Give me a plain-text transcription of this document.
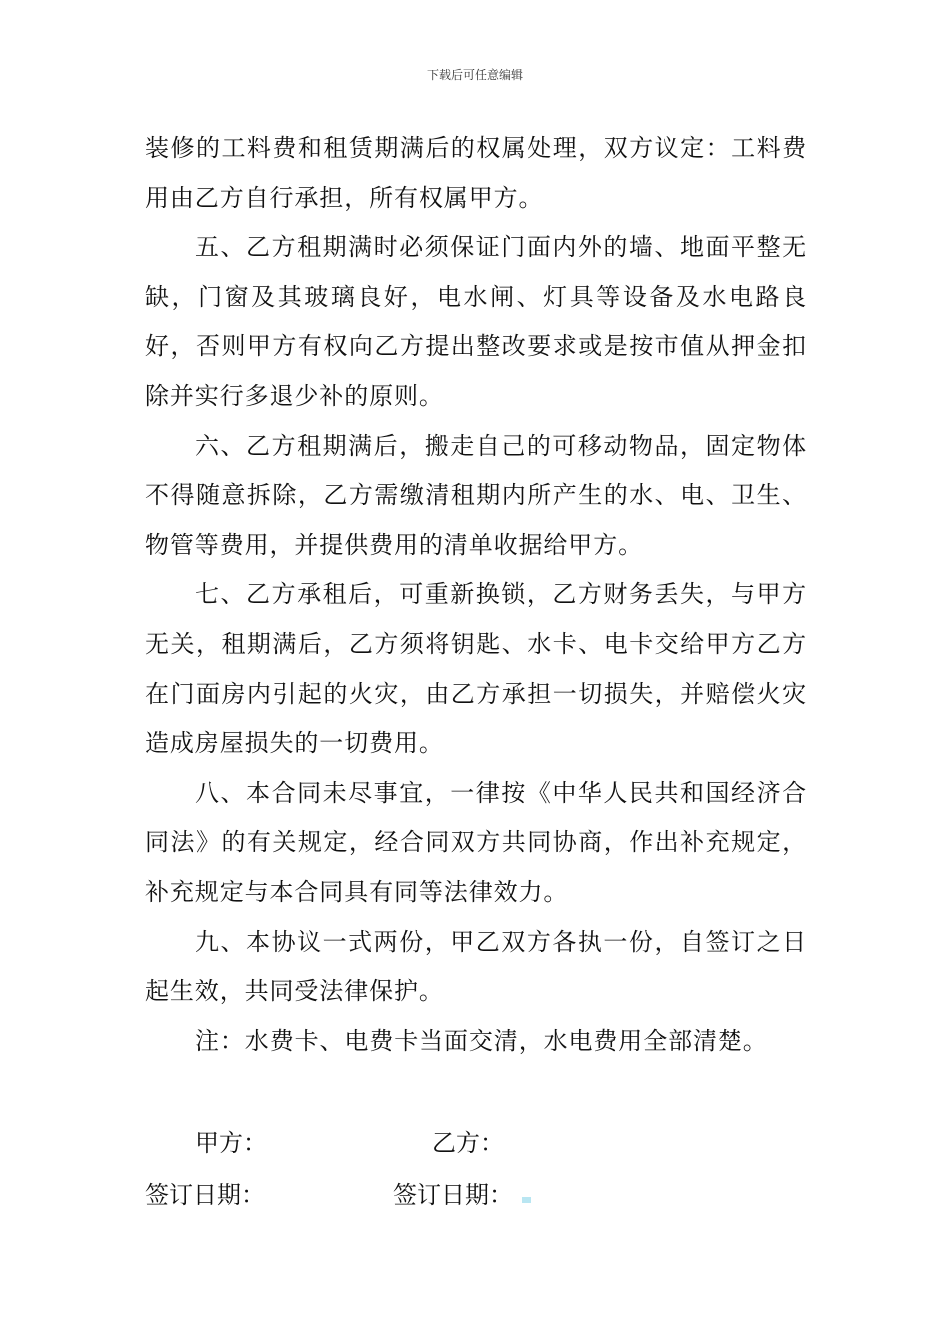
下载后可任意编辑

装修的工料费和租赁期满后的权属处理，双方议定：工料费用由乙方自行承担，所有权属甲方。

五、乙方租期满时必须保证门面内外的墙、地面平整无缺，门窗及其玻璃良好，电水闸、灯具等设备及水电路良好，否则甲方有权向乙方提出整改要求或是按市值从押金扣除并实行多退少补的原则。

六、乙方租期满后，搬走自己的可移动物品，固定物体不得随意拆除，乙方需缴清租期内所产生的水、电、卫生、物管等费用，并提供费用的清单收据给甲方。

七、乙方承租后，可重新换锁，乙方财务丢失，与甲方无关，租期满后，乙方须将钥匙、水卡、电卡交给甲方乙方在门面房内引起的火灾，由乙方承担一切损失，并赔偿火灾造成房屋损失的一切费用。

八、本合同未尽事宜，一律按《中华人民共和国经济合同法》的有关规定，经合同双方共同协商，作出补充规定，补充规定与本合同具有同等法律效力。

九、本协议一式两份，甲乙双方各执一份，自签订之日起生效，共同受法律保护。

注：水费卡、电费卡当面交清，水电费用全部清楚。

甲方：	乙方：
签订日期：	签订日期：
